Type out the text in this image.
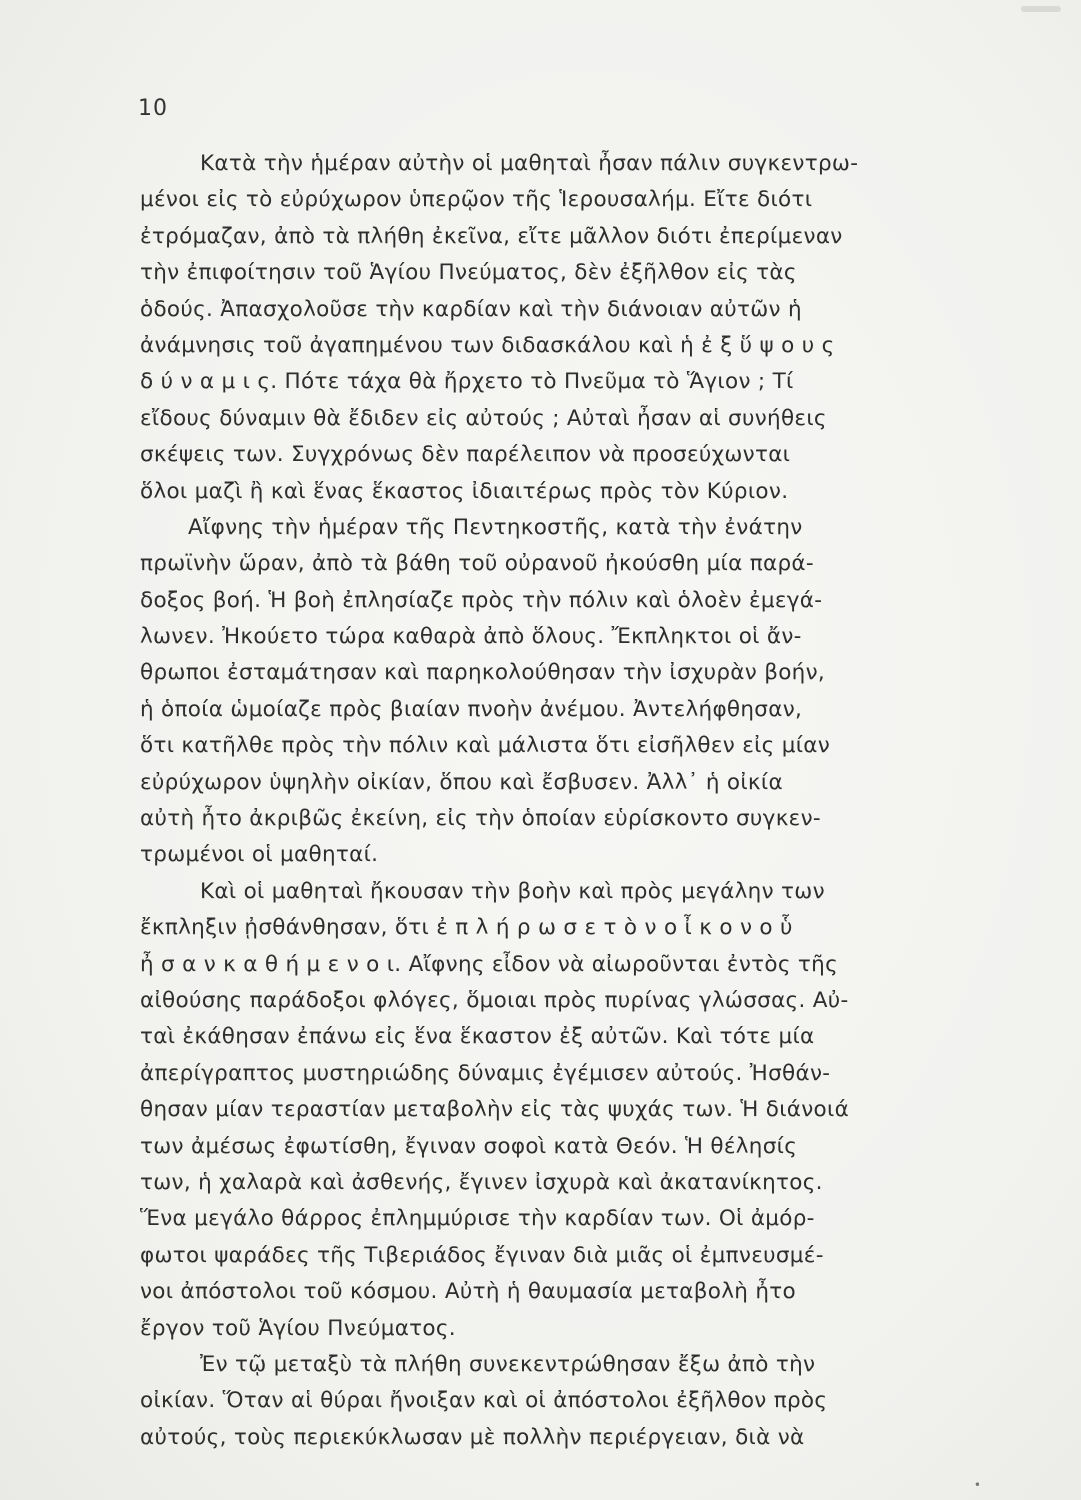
10
Κατὰ τὴν ἡμέραν αὐτὴν οἱ μαθηταὶ ἦσαν πάλιν συγκεντρω-
μένοι εἰς τὸ εὐρύχωρον ὑπερῷον τῆς Ἱερουσαλήμ. Εἴτε διότι
ἐτρόμαζαν, ἀπὸ τὰ πλήθη ἐκεῖνα, εἴτε μᾶλλον διότι ἐπερίμεναν
τὴν ἐπιφοίτησιν τοῦ Ἁγίου Πνεύματος, δὲν ἐξῆλθον εἰς τὰς
ὁδούς. Ἀπασχολοῦσε τὴν καρδίαν καὶ τὴν διάνοιαν αὐτῶν ἡ
ἀνάμνησις τοῦ ἀγαπημένου των διδασκάλου καὶ ἡ ἐ ξ ὕ ψ ο υ ς
δ ύ ν α μ ι ς. Πότε τάχα θὰ ἤρχετο τὸ Πνεῦμα τὸ Ἅγιον ; Τί
εἴδους δύναμιν θὰ ἔδιδεν εἰς αὐτούς ; Αὐταὶ ἦσαν αἱ συνήθεις
σκέψεις των. Συγχρόνως δὲν παρέλειπον νὰ προσεύχωνται
ὅλοι μαζὶ ἢ καὶ ἕνας ἕκαστος ἰδιαιτέρως πρὸς τὸν Κύριον.
Αἴφνης τὴν ἡμέραν τῆς Πεντηκοστῆς, κατὰ τὴν ἐνάτην
πρωϊνὴν ὥραν, ἀπὸ τὰ βάθη τοῦ οὐρανοῦ ἠκούσθη μία παρά-
δοξος βοή. Ἡ βοὴ ἐπλησίαζε πρὸς τὴν πόλιν καὶ ὁλοὲν ἐμεγά-
λωνεν. Ἠκούετο τώρα καθαρὰ ἀπὸ ὅλους. Ἔκπληκτοι οἱ ἄν-
θρωποι ἐσταμάτησαν καὶ παρηκολούθησαν τὴν ἰσχυρὰν βοήν,
ἡ ὁποία ὡμοίαζε πρὸς βιαίαν πνοὴν ἀνέμου. Ἀντελήφθησαν,
ὅτι κατῆλθε πρὸς τὴν πόλιν καὶ μάλιστα ὅτι εἰσῆλθεν εἰς μίαν
εὐρύχωρον ὑψηλὴν οἰκίαν, ὅπου καὶ ἔσβυσεν. Ἀλλ᾽ ἡ οἰκία
αὐτὴ ἦτο ἀκριβῶς ἐκείνη, εἰς τὴν ὁποίαν εὑρίσκοντο συγκεν-
τρωμένοι οἱ μαθηταί.
Καὶ οἱ μαθηταὶ ἤκουσαν τὴν βοὴν καὶ πρὸς μεγάλην των
ἔκπληξιν ᾐσθάνθησαν, ὅτι ἐ π λ ή ρ ω σ ε τ ὸ ν ο ἶ κ ο ν ο ὗ
ἦ σ α ν κ α θ ή μ ε ν ο ι. Αἴφνης εἶδον νὰ αἰωροῦνται ἐντὸς τῆς
αἰθούσης παράδοξοι φλόγες, ὅμοιαι πρὸς πυρίνας γλώσσας. Αὐ-
ταὶ ἐκάθησαν ἐπάνω εἰς ἕνα ἕκαστον ἐξ αὐτῶν. Καὶ τότε μία
ἀπερίγραπτος μυστηριώδης δύναμις ἐγέμισεν αὐτούς. Ἠσθάν-
θησαν μίαν τεραστίαν μεταβολὴν εἰς τὰς ψυχάς των. Ἡ διάνοιά
των ἀμέσως ἐφωτίσθη, ἔγιναν σοφοὶ κατὰ Θεόν. Ἡ θέλησίς
των, ἡ χαλαρὰ καὶ ἀσθενής, ἔγινεν ἰσχυρὰ καὶ ἀκατανίκητος.
Ἕνα μεγάλο θάρρος ἐπλημμύρισε τὴν καρδίαν των. Οἱ ἀμόρ-
φωτοι ψαράδες τῆς Τιβεριάδος ἔγιναν διὰ μιᾶς οἱ ἐμπνευσμέ-
νοι ἀπόστολοι τοῦ κόσμου. Αὐτὴ ἡ θαυμασία μεταβολὴ ἦτο
ἔργον τοῦ Ἁγίου Πνεύματος.
Ἐν τῷ μεταξὺ τὰ πλήθη συνεκεντρώθησαν ἔξω ἀπὸ τὴν
οἰκίαν. Ὅταν αἱ θύραι ἤνοιξαν καὶ οἱ ἀπόστολοι ἐξῆλθον πρὸς
αὐτούς, τοὺς περιεκύκλωσαν μὲ πολλὴν περιέργειαν, διὰ νὰ
•
